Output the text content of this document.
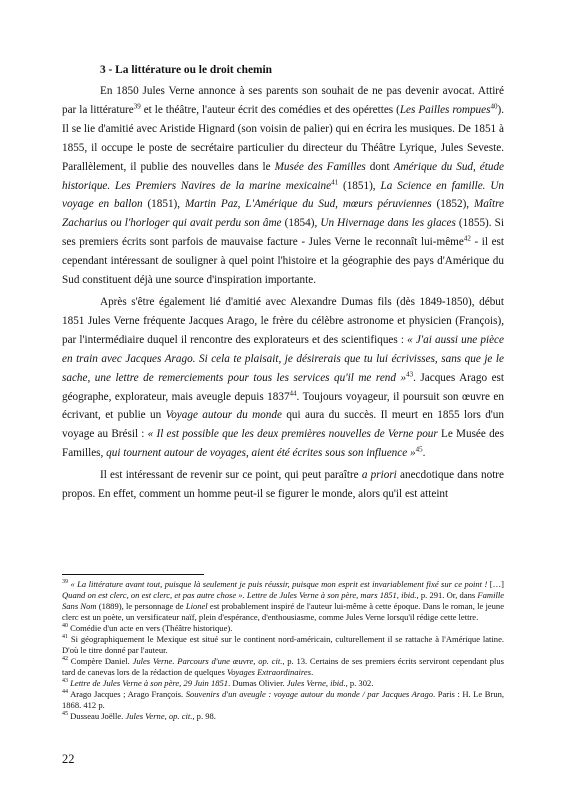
3 - La littérature ou le droit chemin

En 1850 Jules Verne annonce à ses parents son souhait de ne pas devenir avocat. Attiré par la littérature$^{39}$ et le théâtre, l'auteur écrit des comédies et des opérettes (Les Pailles rompues$^{40}$). Il se lie d'amitié avec Aristide Hignard (son voisin de palier) qui en écrira les musiques. De 1851 à 1855, il occupe le poste de secrétaire particulier du directeur du Théâtre Lyrique, Jules Seveste. Parallèlement, il publie des nouvelles dans le Musée des Familles dont Amérique du Sud, étude historique. Les Premiers Navires de la marine mexicaine$^{41}$ (1851), La Science en famille. Un voyage en ballon (1851), Martin Paz, L'Amérique du Sud, mœurs péruviennes (1852), Maître Zacharius ou l'horloger qui avait perdu son âme (1854), Un Hivernage dans les glaces (1855). Si ses premiers écrits sont parfois de mauvaise facture - Jules Verne le reconnaît lui-même$^{42}$ - il est cependant intéressant de souligner à quel point l'histoire et la géographie des pays d'Amérique du Sud constituent déjà une source d'inspiration importante.

Après s'être également lié d'amitié avec Alexandre Dumas fils (dès 1849-1850), début 1851 Jules Verne fréquente Jacques Arago, le frère du célèbre astronome et physicien (François), par l'intermédiaire duquel il rencontre des explorateurs et des scientifiques : « J'ai aussi une pièce en train avec Jacques Arago. Si cela te plaisait, je désirerais que tu lui écrivisses, sans que je le sache, une lettre de remerciements pour tous les services qu'il me rend »$^{43}$. Jacques Arago est géographe, explorateur, mais aveugle depuis 1837$^{44}$. Toujours voyageur, il poursuit son œuvre en écrivant, et publie un Voyage autour du monde qui aura du succès. Il meurt en 1855 lors d'un voyage au Brésil : « Il est possible que les deux premières nouvelles de Verne pour Le Musée des Familles, qui tournent autour de voyages, aient été écrites sous son influence »$^{45}$.

Il est intéressant de revenir sur ce point, qui peut paraître a priori anecdotique dans notre propos. En effet, comment un homme peut-il se figurer le monde, alors qu'il est atteint

$^{39}$ « La littérature avant tout, puisque là seulement je puis réussir, puisque mon esprit est invariablement fixé sur ce point ! […] Quand on est clerc, on est clerc, et pas autre chose ». Lettre de Jules Verne à son père, mars 1851, ibid., p. 291. Or, dans Famille Sans Nom (1889), le personnage de Lionel est probablement inspiré de l'auteur lui-même à cette époque. Dans le roman, le jeune clerc est un poète, un versificateur naïf, plein d'espérance, d'enthousiasme, comme Jules Verne lorsqu'il rédige cette lettre.

$^{40}$ Comédie d'un acte en vers (Théâtre historique).

$^{41}$ Si géographiquement le Mexique est situé sur le continent nord-américain, culturellement il se rattache à l'Amérique latine. D'où le titre donné par l'auteur.

$^{42}$ Compère Daniel. Jules Verne. Parcours d'une œuvre, op. cit., p. 13. Certains de ses premiers écrits serviront cependant plus tard de canevas lors de la rédaction de quelques Voyages Extraordinaires.

$^{43}$ Lettre de Jules Verne à son père, 29 Juin 1851. Dumas Olivier. Jules Verne, ibid., p. 302.

$^{44}$ Arago Jacques ; Arago François. Souvenirs d'un aveugle : voyage autour du monde / par Jacques Arago. Paris : H. Le Brun, 1868. 412 p.

$^{45}$ Dusseau Joëlle. Jules Verne, op. cit., p. 98.

22
